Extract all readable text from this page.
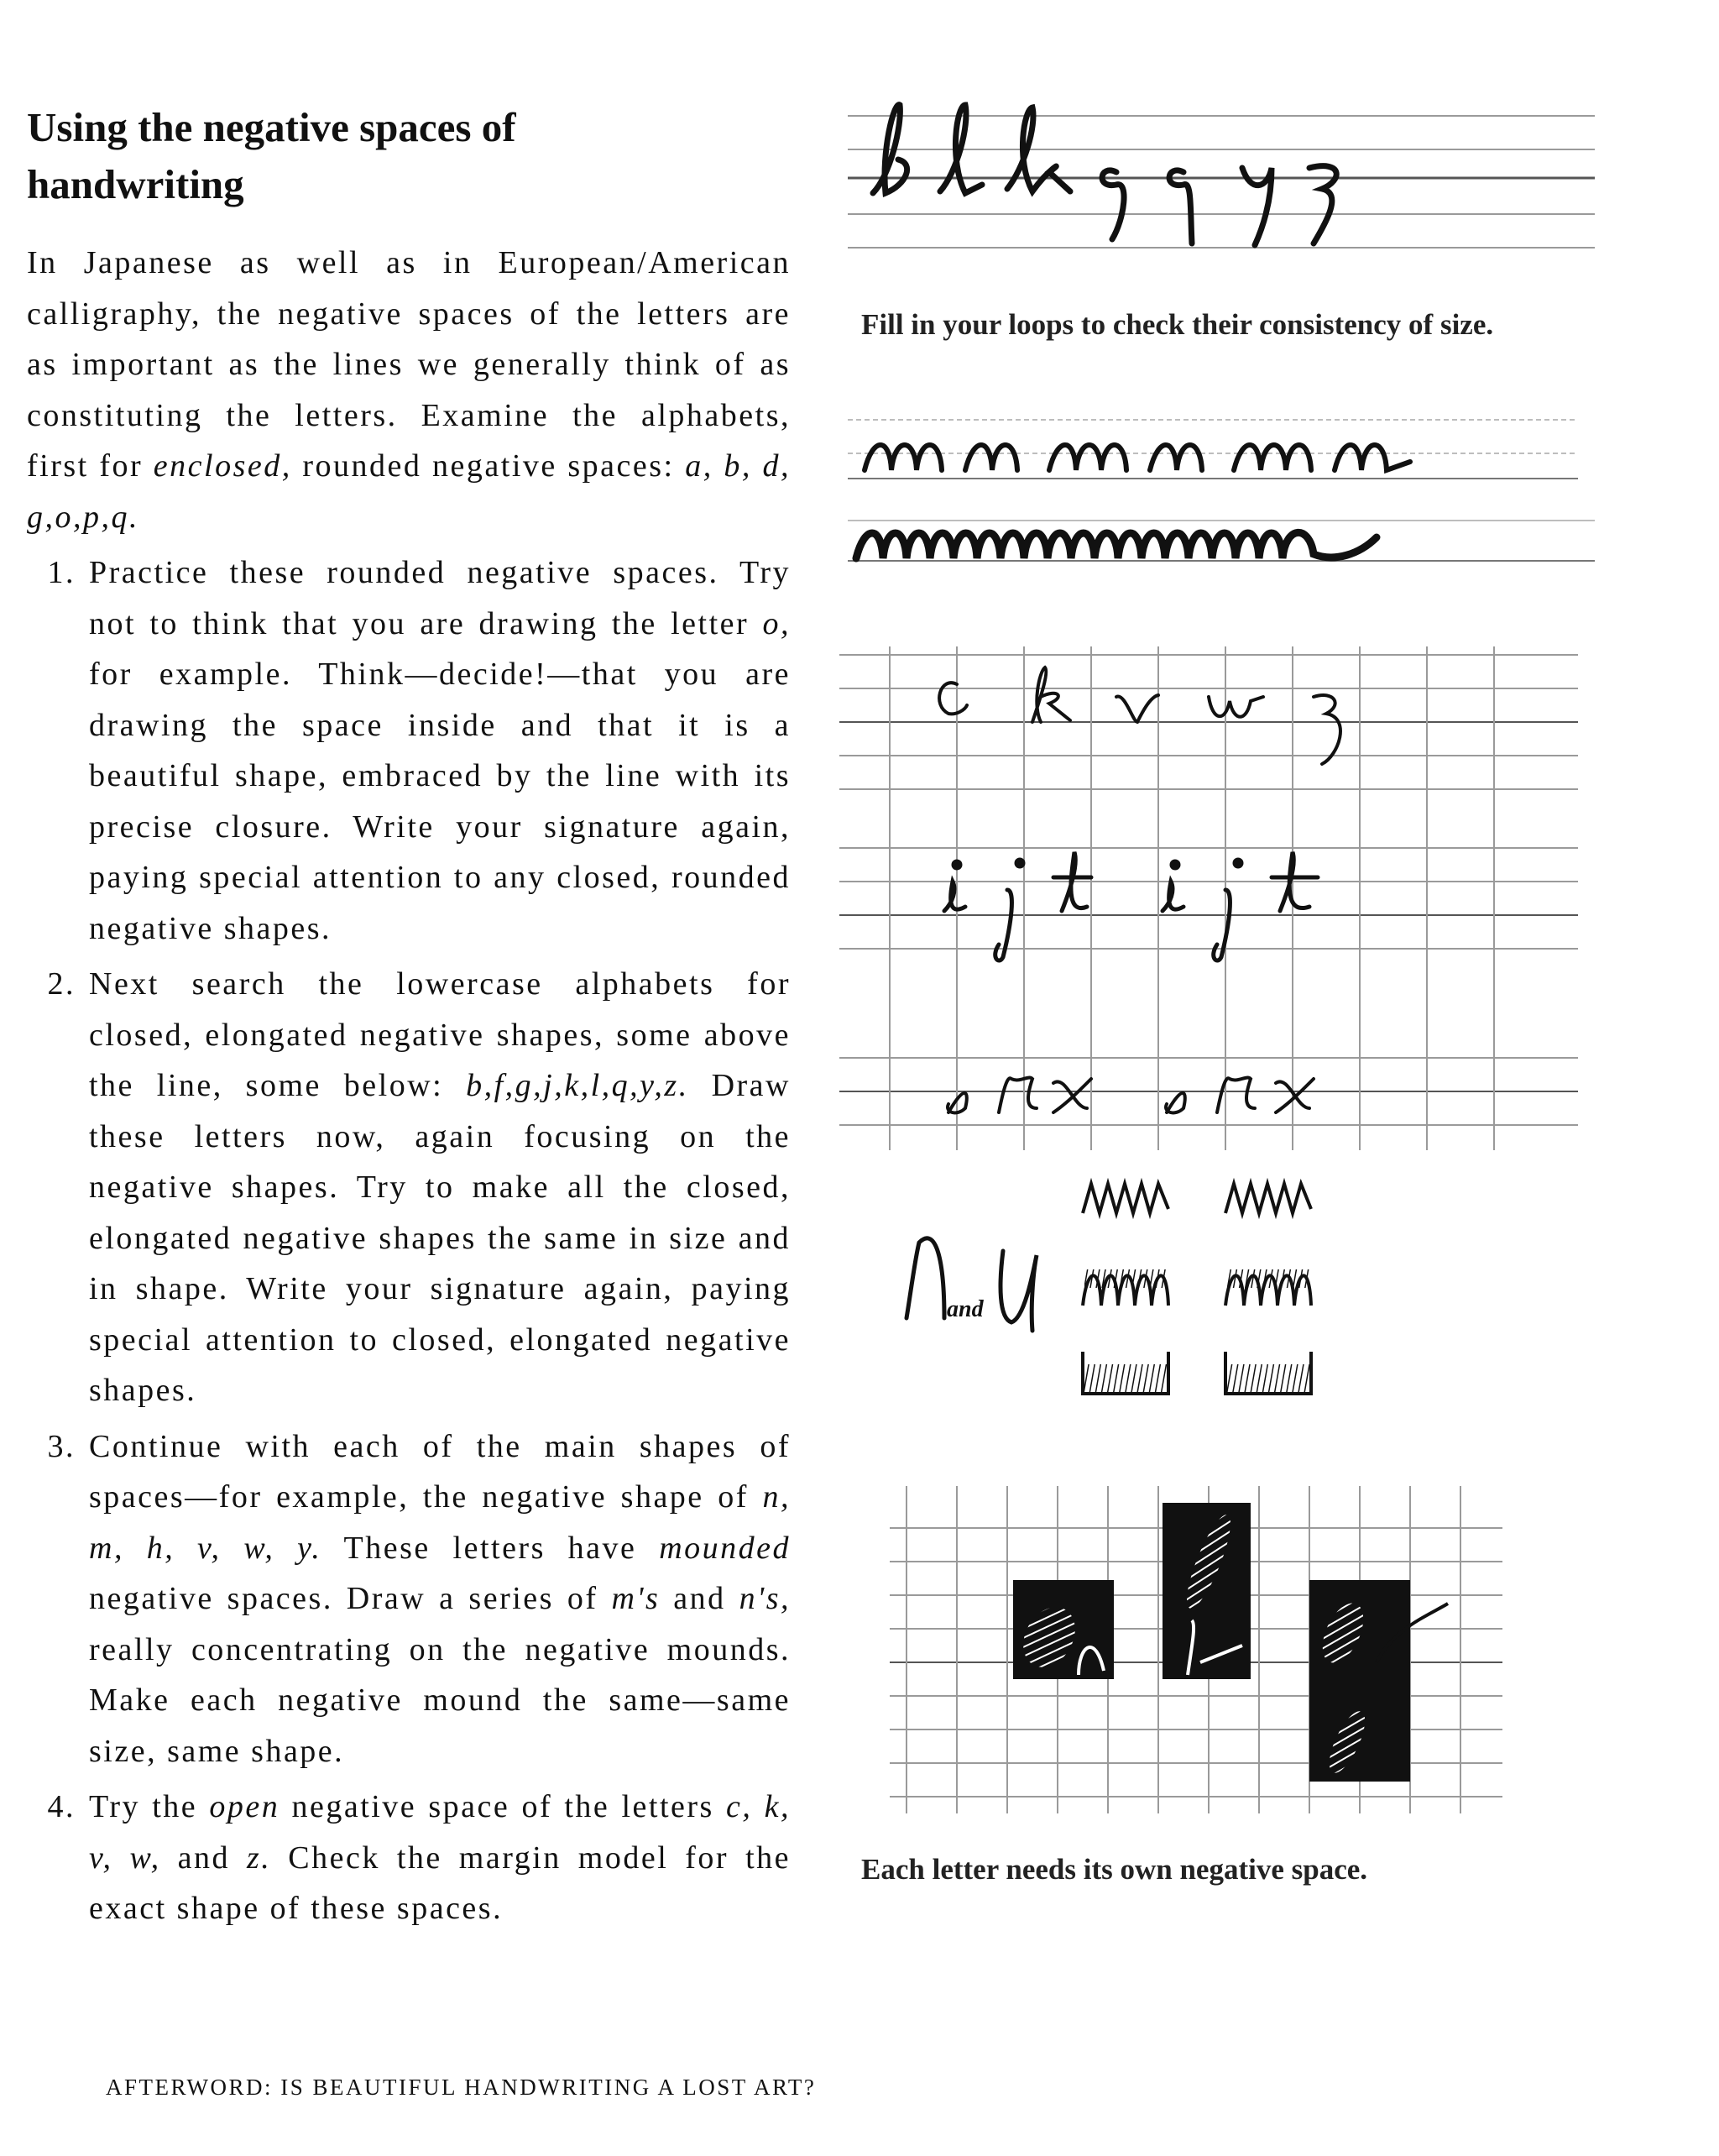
Using the negative spaces of
handwriting

In Japanese as well as in European/American calligraphy, the negative spaces of the letters are as important as the lines we generally think of as constituting the letters. Examine the alphabets, first for enclosed, rounded negative spaces: a, b, d, g,o,p,q.

1. Practice these rounded negative spaces. Try not to think that you are drawing the letter o, for example. Think—decide!—that you are drawing the space inside and that it is a beautiful shape, embraced by the line with its precise closure. Write your signature again, paying special attention to any closed, rounded negative shapes.
2. Next search the lowercase alphabets for closed, elongated negative shapes, some above the line, some below: b,f,g,j,k,l,q,y,z. Draw these letters now, again focusing on the negative shapes. Try to make all the closed, elongated negative shapes the same in size and in shape. Write your signature again, paying special attention to closed, elongated negative shapes.
3. Continue with each of the main shapes of spaces—for example, the negative shape of n, m, h, v, w, y. These letters have mounded negative spaces. Draw a series of m's and n's, really concentrating on the negative mounds. Make each negative mound the same—same size, same shape.
4. Try the open negative space of the letters c, k, v, w, and z. Check the margin model for the exact shape of these spaces.
AFTERWORD: IS BEAUTIFUL HANDWRITING A LOST ART?
b l k g q y z
Fill in your loops to check their consistency of size.
m n m n m n
mmmmmmmmmmn
c k v w z
i j t i j t
s r x s r x
and
a
Each letter needs its own negative space.
